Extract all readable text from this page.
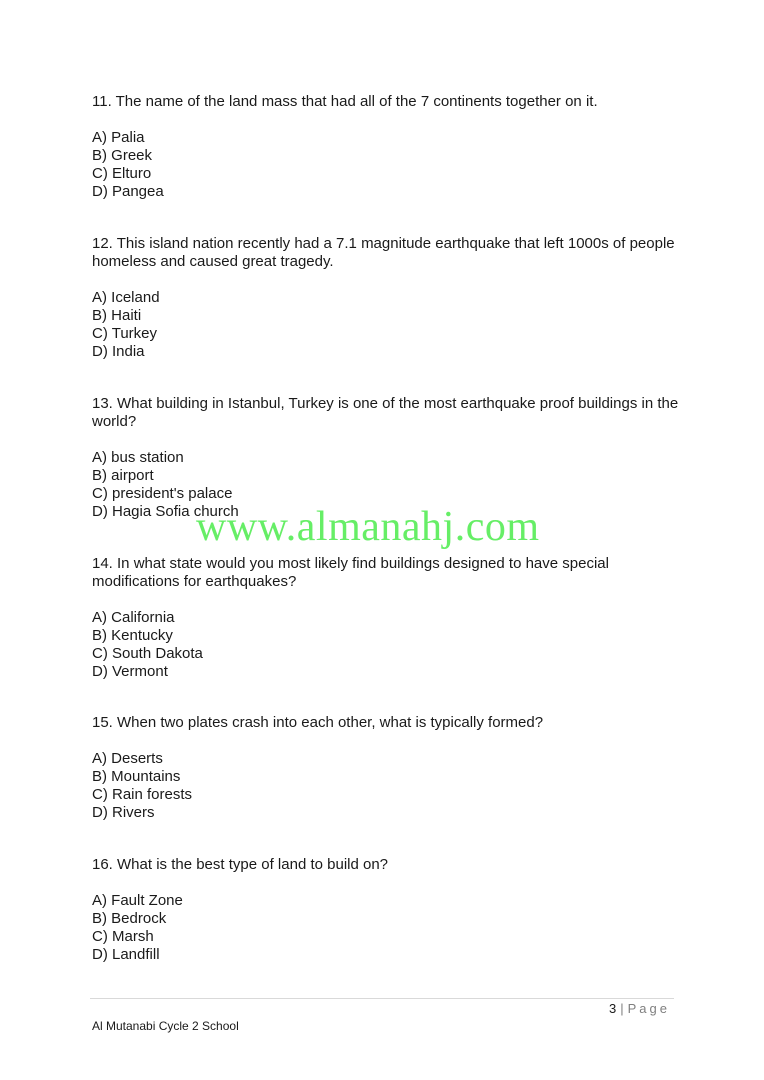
11. The name of the land mass that had all of the 7 continents together on it.

A) Palia
B) Greek
C) Elturo
D) Pangea

12. This island nation recently had a 7.1 magnitude earthquake that left 1000s of people homeless and caused great tragedy.

A) Iceland
B) Haiti
C) Turkey
D) India

13. What building in Istanbul, Turkey is one of the most earthquake proof buildings in the world?

A) bus station
B) airport
C) president's palace
D) Hagia Sofia church

14. In what state would you most likely find buildings designed to have special modifications for earthquakes?

A) California
B) Kentucky
C) South Dakota
D) Vermont

15. When two plates crash into each other, what is typically formed?

A) Deserts
B) Mountains
C) Rain forests
D) Rivers

16. What is the best type of land to build on?

A) Fault Zone
B) Bedrock
C) Marsh
D) Landfill
www.almanahj.com
3 | Page
Al Mutanabi Cycle 2 School
